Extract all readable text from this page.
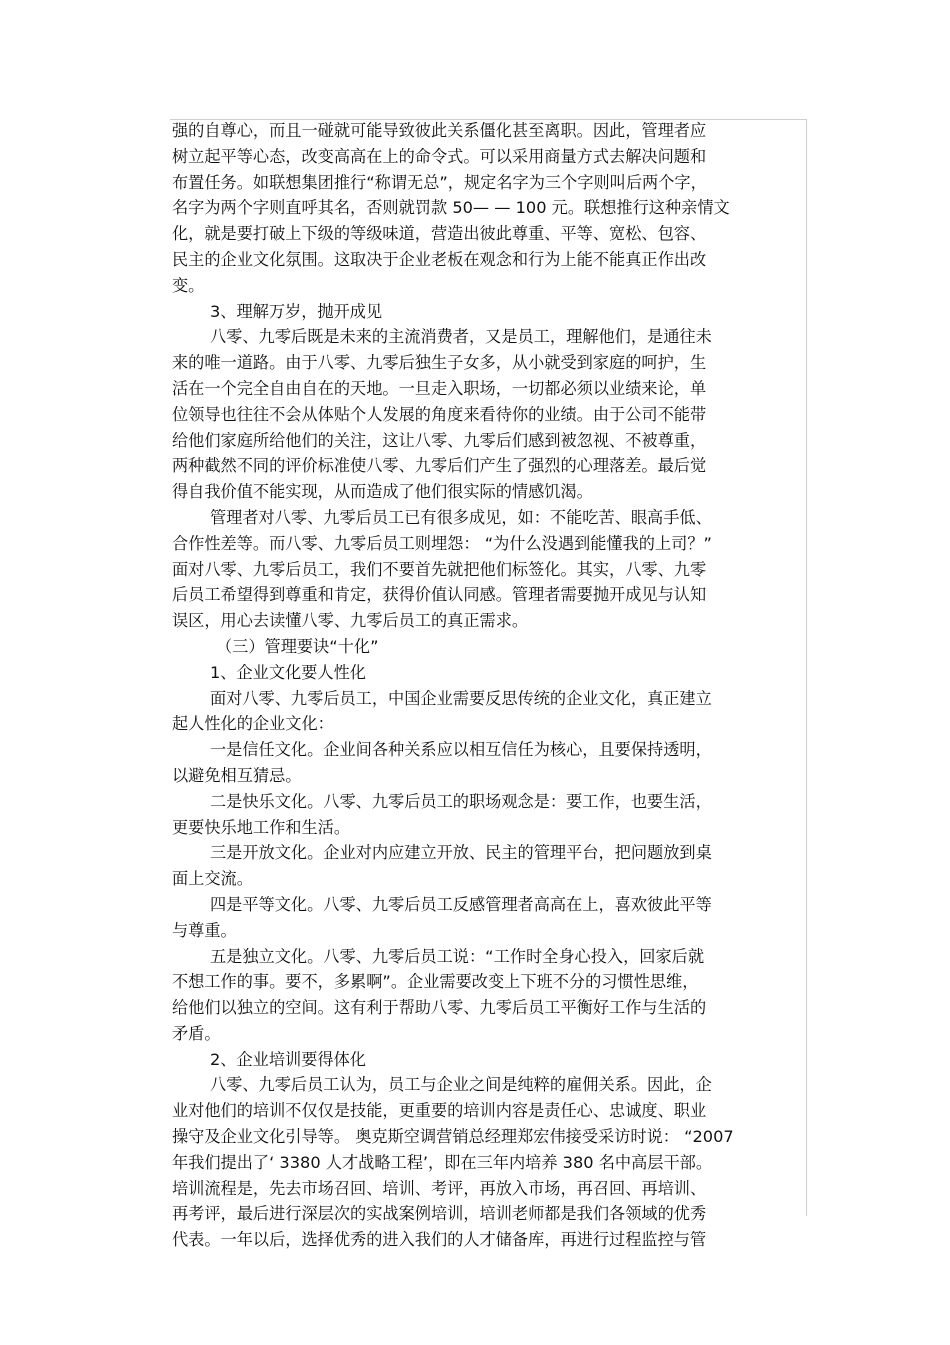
强的自尊心，而且一碰就可能导致彼此关系僵化甚至离职。因此，管理者应
树立起平等心态，改变高高在上的命令式。可以采用商量方式去解决问题和
布置任务。如联想集团推行“称谓无总”，规定名字为三个字则叫后两个字，
名字为两个字则直呼其名，否则就罚款 50— — 100 元。联想推行这种亲情文
化，就是要打破上下级的等级味道，营造出彼此尊重、平等、宽松、包容、
民主的企业文化氛围。这取决于企业老板在观念和行为上能不能真正作出改
变。
3、理解万岁，抛开成见
八零、九零后既是未来的主流消费者，又是员工，理解他们，是通往未
来的唯一道路。由于八零、九零后独生子女多，从小就受到家庭的呵护，生
活在一个完全自由自在的天地。一旦走入职场，一切都必须以业绩来论，单
位领导也往往不会从体贴个人发展的角度来看待你的业绩。由于公司不能带
给他们家庭所给他们的关注，这让八零、九零后们感到被忽视、不被尊重，
两种截然不同的评价标准使八零、九零后们产生了强烈的心理落差。最后觉
得自我价值不能实现，从而造成了他们很实际的情感饥渴。
管理者对八零、九零后员工已有很多成见，如：不能吃苦、眼高手低、
合作性差等。而八零、九零后员工则埋怨： “为什么没遇到能懂我的上司？”
面对八零、九零后员工，我们不要首先就把他们标签化。其实，八零、九零
后员工希望得到尊重和肯定，获得价值认同感。管理者需要抛开成见与认知
误区，用心去读懂八零、九零后员工的真正需求。
（三）管理要诀“十化”
1、企业文化要人性化
面对八零、九零后员工，中国企业需要反思传统的企业文化，真正建立
起人性化的企业文化：
一是信任文化。企业间各种关系应以相互信任为核心，且要保持透明，
以避免相互猜忌。
二是快乐文化。八零、九零后员工的职场观念是：要工作，也要生活，
更要快乐地工作和生活。
三是开放文化。企业对内应建立开放、民主的管理平台，把问题放到桌
面上交流。
四是平等文化。八零、九零后员工反感管理者高高在上，喜欢彼此平等
与尊重。
五是独立文化。八零、九零后员工说：“工作时全身心投入，回家后就
不想工作的事。要不，多累啊”。企业需要改变上下班不分的习惯性思维，
给他们以独立的空间。这有利于帮助八零、九零后员工平衡好工作与生活的
矛盾。
2、企业培训要得体化
八零、九零后员工认为，员工与企业之间是纯粹的雇佣关系。因此，企
业对他们的培训不仅仅是技能，更重要的培训内容是责任心、忠诚度、职业
操守及企业文化引导等。 奥克斯空调营销总经理郑宏伟接受采访时说： “2007
年我们提出了‘ 3380 人才战略工程’，即在三年内培养 380 名中高层干部。
培训流程是，先去市场召回、培训、考评，再放入市场，再召回、再培训、
再考评，最后进行深层次的实战案例培训，培训老师都是我们各领域的优秀
代表。一年以后，选择优秀的进入我们的人才储备库，再进行过程监控与管
